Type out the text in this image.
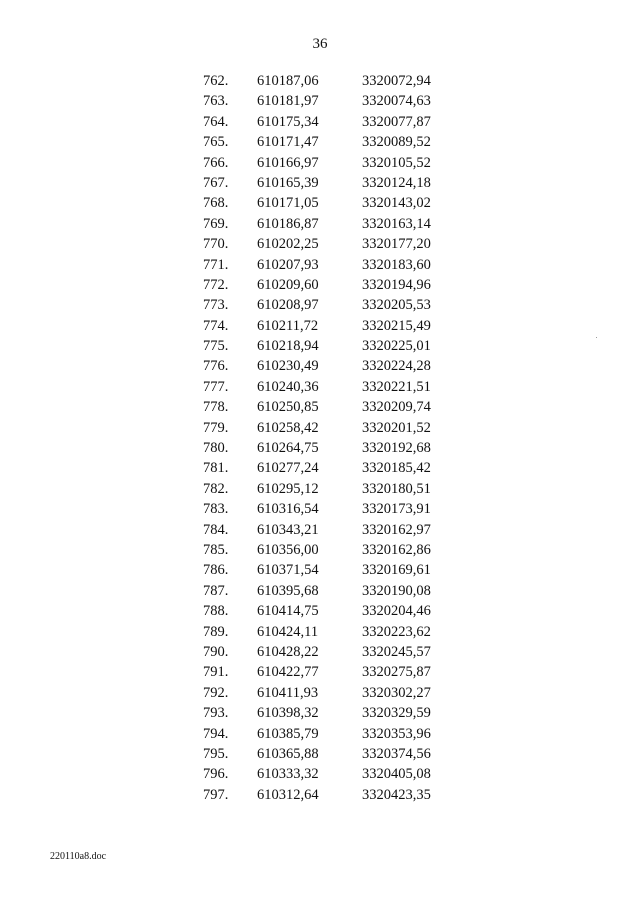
36
762. 610187,06	3320072,94
763. 610181,97	3320074,63
764. 610175,34	3320077,87
765. 610171,47	3320089,52
766. 610166,97	3320105,52
767. 610165,39	3320124,18
768. 610171,05	3320143,02
769. 610186,87	3320163,14
770. 610202,25	3320177,20
771. 610207,93	3320183,60
772. 610209,60	3320194,96
773. 610208,97	3320205,53
774. 610211,72	3320215,49
775. 610218,94	3320225,01
776. 610230,49	3320224,28
777. 610240,36	3320221,51
778. 610250,85	3320209,74
779. 610258,42	3320201,52
780. 610264,75	3320192,68
781. 610277,24	3320185,42
782. 610295,12	3320180,51
783. 610316,54	3320173,91
784. 610343,21	3320162,97
785. 610356,00	3320162,86
786. 610371,54	3320169,61
787. 610395,68	3320190,08
788. 610414,75	3320204,46
789. 610424,11	3320223,62
790. 610428,22	3320245,57
791. 610422,77	3320275,87
792. 610411,93	3320302,27
793. 610398,32	3320329,59
794. 610385,79	3320353,96
795. 610365,88	3320374,56
796. 610333,32	3320405,08
797. 610312,64	3320423,35
220110a8.doc
